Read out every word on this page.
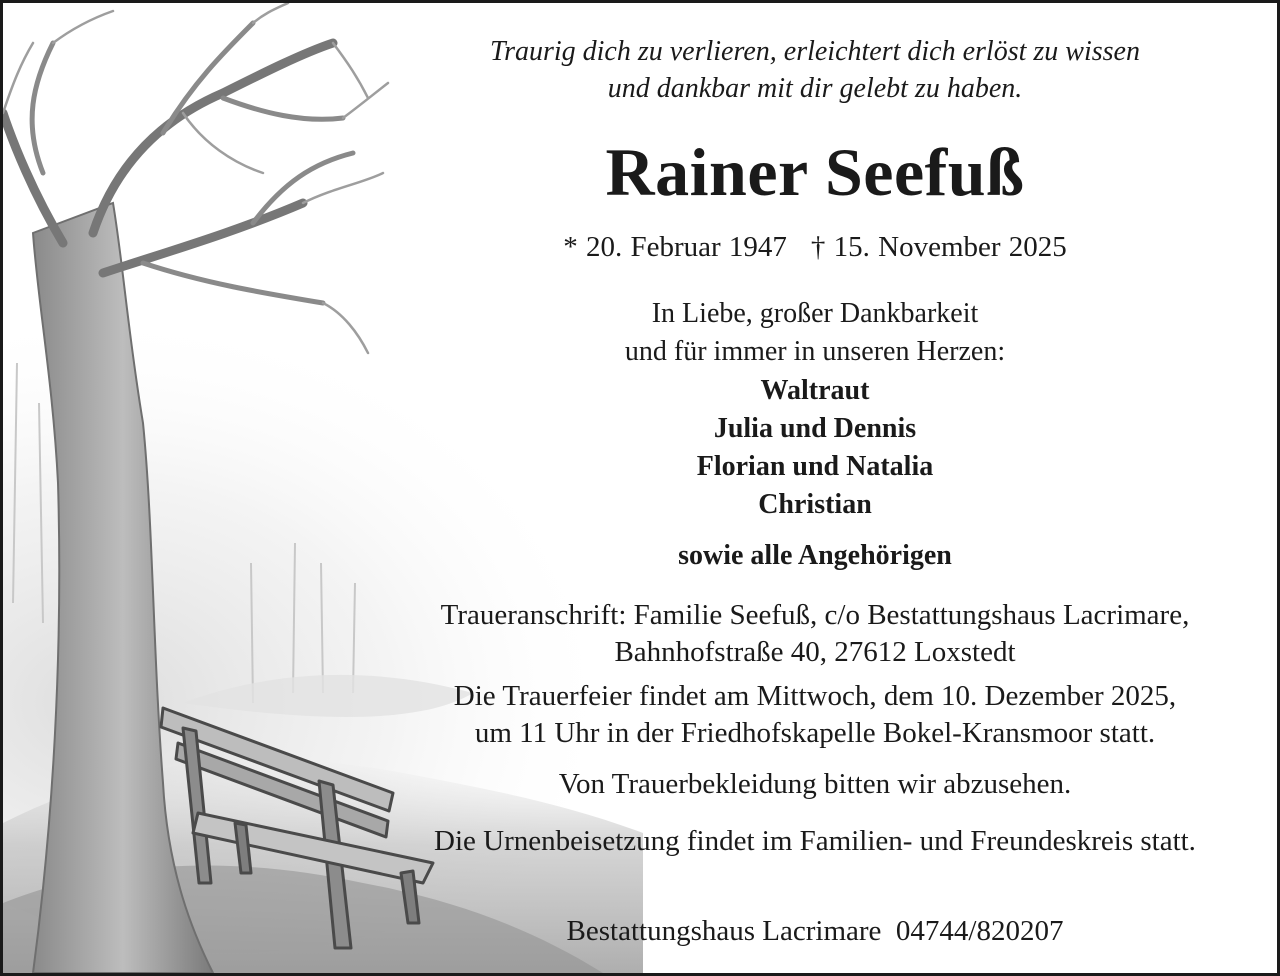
Traurig dich zu verlieren, erleichtert dich erlöst zu wissen
und dankbar mit dir gelebt zu haben.
Rainer Seefuß
* 20. Februar 1947 † 15. November 2025
In Liebe, großer Dankbarkeit
und für immer in unseren Herzen:
Waltraut
Julia und Dennis
Florian und Natalia
Christian
sowie alle Angehörigen
Traueranschrift: Familie Seefuß, c/o Bestattungshaus Lacrimare,
Bahnhofstraße 40, 27612 Loxstedt
Die Trauerfeier findet am Mittwoch, dem 10. Dezember 2025,
um 11 Uhr in der Friedhofskapelle Bokel-Kransmoor statt.
Von Trauerbekleidung bitten wir abzusehen.
Die Urnenbeisetzung findet im Familien- und Freundeskreis statt.
Bestattungshaus Lacrimare 04744/820207
